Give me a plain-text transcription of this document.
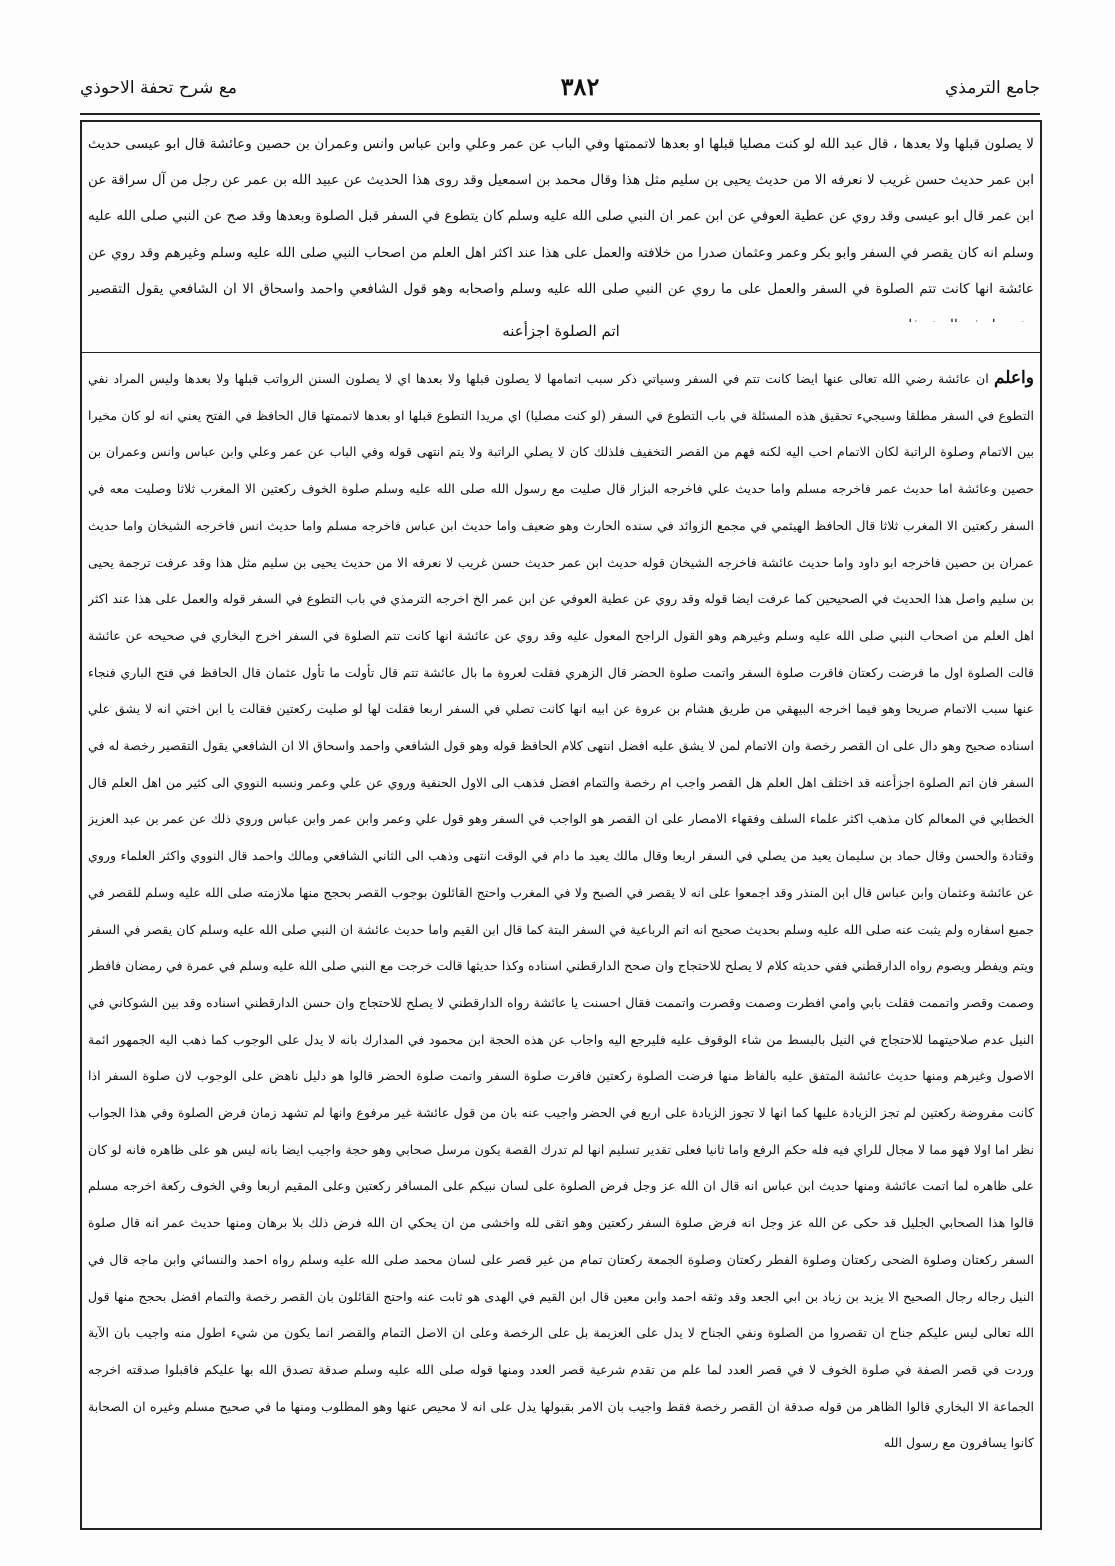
جامع الترمذي
٣٨٢
مع شرح تحفة الاحوذي

لا يصلون قبلها ولا بعدها ، قال عبد الله لو كنت مصليا قبلها او بعدها لاتممتها وفي الباب عن عمر وعلي وابن عباس وانس وعمران بن حصين وعائشة قال ابو عيسى حديث ابن عمر حديث حسن غريب لا نعرفه الا من حديث يحيى بن سليم مثل هذا وقال محمد بن اسمعيل وقد روى هذا الحديث عن عبيد الله بن عمر عن رجل من آل سراقة عن ابن عمر قال ابو عيسى وقد روي عن عطية العوفي عن ابن عمر ان النبي صلى الله عليه وسلم كان يتطوع في السفر قبل الصلوة وبعدها وقد صح عن النبي صلى الله عليه وسلم انه كان يقصر في السفر وابو بكر وعمر وعثمان صدرا من خلافته والعمل على هذا عند اكثر اهل العلم من اصحاب النبي صلى الله عليه وسلم وغيرهم وقد روي عن عائشة انها كانت تتم الصلوة في السفر والعمل على ما روي عن النبي صلى الله عليه وسلم واصحابه وهو قول الشافعي واحمد واسحاق الا ان الشافعي يقول التقصير

اتم الصلوة اجزأعنه

واعلم ان عائشة رضي الله تعالى عنها ايضا كانت تتم في السفر وسياتي ذكر سبب اتمامها لا يصلون قبلها ولا بعدها اي لا يصلون السنن الرواتب قبلها ولا بعدها وليس المراد نفي التطوع في السفر مطلقا وسيجيء تحقيق هذه المسئلة في باب التطوع في السفر (لو كنت مصليا) اي مريدا التطوع قبلها او بعدها لاتممتها قال الحافظ في الفتح يعني انه لو كان مخيرا بين الاتمام وصلوة الراتبة لكان الاتمام احب اليه لكنه فهم من القصر التخفيف فلذلك كان لا يصلي الراتبة ولا يتم انتهى قوله وفي الباب عن عمر وعلي وابن عباس وانس وعمران بن حصين وعائشة اما حديث عمر فاخرجه مسلم واما حديث علي فاخرجه البزار قال صليت مع رسول الله صلى الله عليه وسلم صلوة الخوف ركعتين الا المغرب ثلاثا وصليت معه في السفر ركعتين الا المغرب ثلاثا قال الحافظ الهيثمي في مجمع الزوائد في سنده الحارث وهو ضعيف واما حديث ابن عباس فاخرجه مسلم واما حديث انس فاخرجه الشيخان واما حديث عمران بن حصين فاخرجه ابو داود واما حديث عائشة فاخرجه الشيخان قوله حديث ابن عمر حديث حسن غريب لا نعرفه الا من حديث يحيى بن سليم مثل هذا وقد عرفت ترجمة يحيى بن سليم واصل هذا الحديث في الصحيحين كما عرفت ايضا قوله وقد روي عن عطية العوفي عن ابن عمر الخ اخرجه الترمذي في باب التطوع في السفر قوله والعمل على هذا عند اكثر اهل العلم من اصحاب النبي صلى الله عليه وسلم وغيرهم وهو القول الراجح المعول عليه وقد روي عن عائشة انها كانت تتم الصلوة في السفر اخرج البخاري في صحيحه عن عائشة قالت الصلوة اول ما فرضت ركعتان فاقرت صلوة السفر واتمت صلوة الحضر قال الزهري فقلت لعروة ما بال عائشة تتم قال تأولت ما تأول عثمان قال الحافظ في فتح الباري فنجاء عنها سبب الاتمام صريحا وهو فيما اخرجه البيهقي من طريق هشام بن عروة عن ابيه انها كانت تصلي في السفر اربعا فقلت لها لو صليت ركعتين فقالت يا ابن اختي انه لا يشق علي اسناده صحيح وهو دال على ان القصر رخصة وان الاتمام لمن لا يشق عليه افضل انتهى كلام الحافظ قوله وهو قول الشافعي واحمد واسحاق الا ان الشافعي يقول التقصير رخصة له في السفر فان اتم الصلوة اجزأعنه قد اختلف اهل العلم هل القصر واجب ام رخصة والتمام افضل فذهب الى الاول الحنفية وروي عن علي وعمر ونسبه النووي الى كثير من اهل العلم قال الخطابي في المعالم كان مذهب اكثر علماء السلف وفقهاء الامصار على ان القصر هو الواجب في السفر وهو قول علي وعمر وابن عمر وابن عباس وروي ذلك عن عمر بن عبد العزيز وقتادة والحسن وقال حماد بن سليمان يعيد من يصلي في السفر اربعا وقال مالك يعيد ما دام في الوقت انتهى وذهب الى الثاني الشافعي ومالك واحمد قال النووي واكثر العلماء وروي عن عائشة وعثمان وابن عباس قال ابن المنذر وقد اجمعوا على انه لا يقصر في الصبح ولا في المغرب واحتج القائلون بوجوب القصر بحجج منها ملازمته صلى الله عليه وسلم للقصر في جميع اسفاره ولم يثبت عنه صلى الله عليه وسلم بحديث صحيح انه اتم الرباعية في السفر البتة كما قال ابن القيم واما حديث عائشة ان النبي صلى الله عليه وسلم كان يقصر في السفر ويتم ويفطر ويصوم رواه الدارقطني ففي حديثه كلام لا يصلح للاحتجاج وان صحح الدارقطني اسناده وكذا حديثها قالت خرجت مع النبي صلى الله عليه وسلم في عمرة في رمضان فافطر وصمت وقصر واتممت فقلت بابي وامي افطرت وصمت وقصرت واتممت فقال احسنت يا عائشة رواه الدارقطني لا يصلح للاحتجاج وان حسن الدارقطني اسناده وقد بين الشوكاني في النيل عدم صلاحيتهما للاحتجاج في النيل بالبسط من شاء الوقوف عليه فليرجع اليه واجاب عن هذه الحجة ابن محمود في المدارك بانه لا يدل على الوجوب كما ذهب اليه الجمهور ائمة الاصول وغيرهم ومنها حديث عائشة المتفق عليه بالفاظ منها فرضت الصلوة ركعتين فاقرت صلوة السفر واتمت صلوة الحضر قالوا هو دليل ناهض على الوجوب لان صلوة السفر اذا كانت مفروضة ركعتين لم تجز الزيادة عليها كما انها لا تجوز الزيادة على اربع في الحضر واجيب عنه بان من قول عائشة غير مرفوع وانها لم تشهد زمان فرض الصلوة وفي هذا الجواب نظر اما اولا فهو مما لا مجال للراي فيه فله حكم الرفع واما ثانيا فعلى تقدير تسليم انها لم تدرك القصة يكون مرسل صحابي وهو حجة واجيب ايضا بانه ليس هو على ظاهره فانه لو كان على ظاهره لما اتمت عائشة ومنها حديث ابن عباس انه قال ان الله عز وجل فرض الصلوة على لسان نبيكم على المسافر ركعتين وعلى المقيم اربعا وفي الخوف ركعة اخرجه مسلم قالوا هذا الصحابي الجليل قد حكى عن الله عز وجل انه فرض صلوة السفر ركعتين وهو اتقى لله واخشى من ان يحكي ان الله فرض ذلك بلا برهان ومنها حديث عمر انه قال صلوة السفر ركعتان وصلوة الضحى ركعتان وصلوة الفطر ركعتان وصلوة الجمعة ركعتان تمام من غير قصر على لسان محمد صلى الله عليه وسلم رواه احمد والنسائي وابن ماجه قال في النيل رجاله رجال الصحيح الا يزيد بن زياد بن ابي الجعد وقد وثقه احمد وابن معين قال ابن القيم في الهدى هو ثابت عنه واحتج القائلون بان القصر رخصة والتمام افضل بحجج منها قول الله تعالى ليس عليكم جناح ان تقصروا من الصلوة ونفي الجناح لا يدل على العزيمة بل على الرخصة وعلى ان الاصل التمام والقصر انما يكون من شيء اطول منه واجيب بان الآية وردت في قصر الصفة في صلوة الخوف لا في قصر العدد لما علم من تقدم شرعية قصر العدد ومنها قوله صلى الله عليه وسلم صدقة تصدق الله بها عليكم فاقبلوا صدقته اخرجه الجماعة الا البخاري قالوا الظاهر من قوله صدقة ان القصر رخصة فقط واجيب بان الامر بقبولها يدل على انه لا محيص عنها وهو المطلوب ومنها ما في صحيح مسلم وغيره ان الصحابة كانوا يسافرون مع رسول الله
